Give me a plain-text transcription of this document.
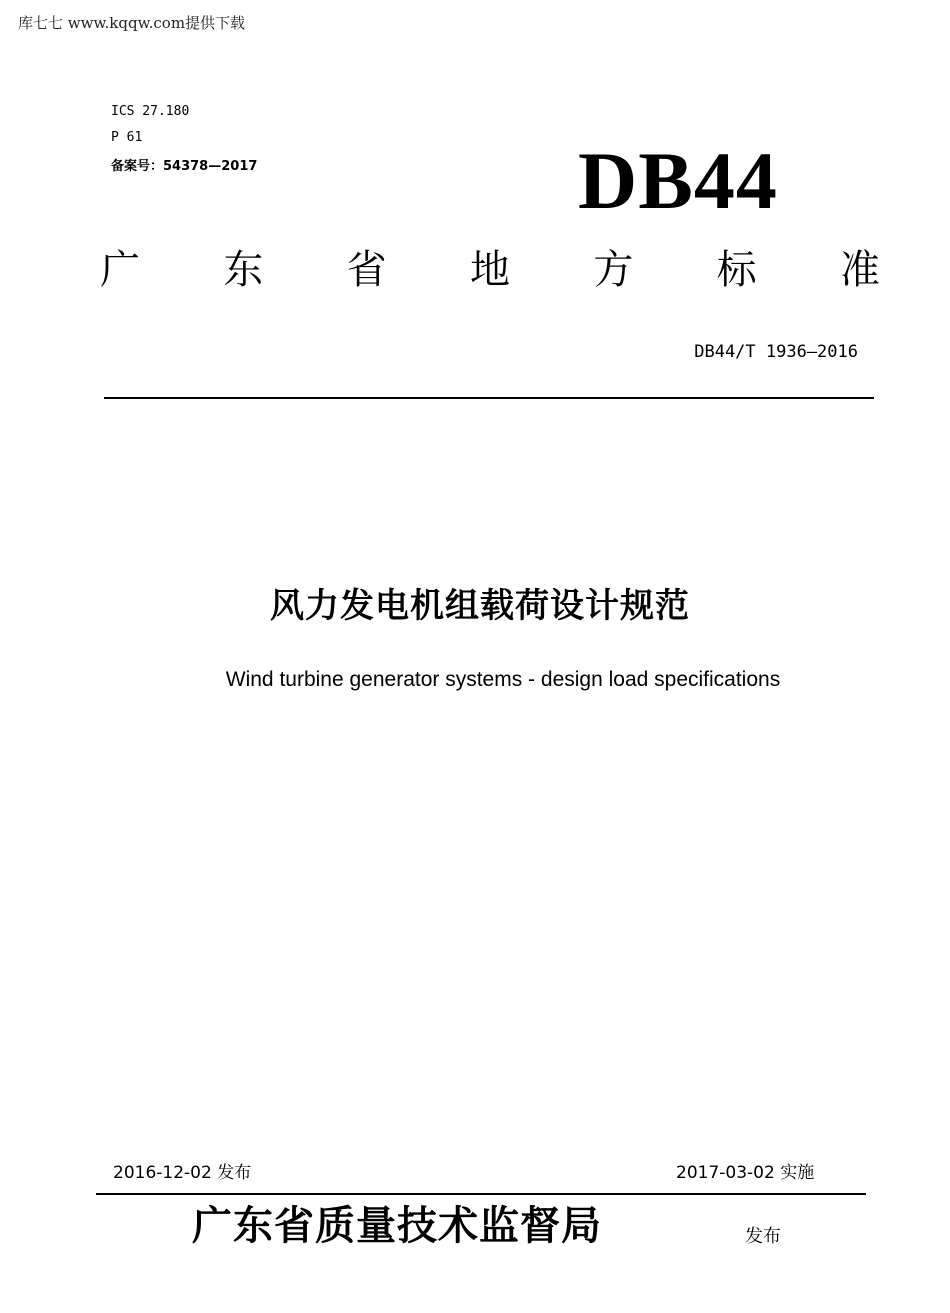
库七七 www.kqqw.com提供下载
ICS 27.180
P 61
备案号：54378—2017	DB44
广 东 省 地 方 标 准
DB44/T 1936—2016
风力发电机组载荷设计规范
Wind turbine generator systems - design load specifications
2016-12-02 发布	2017-03-02 实施
广东省质量技术监督局	发布
